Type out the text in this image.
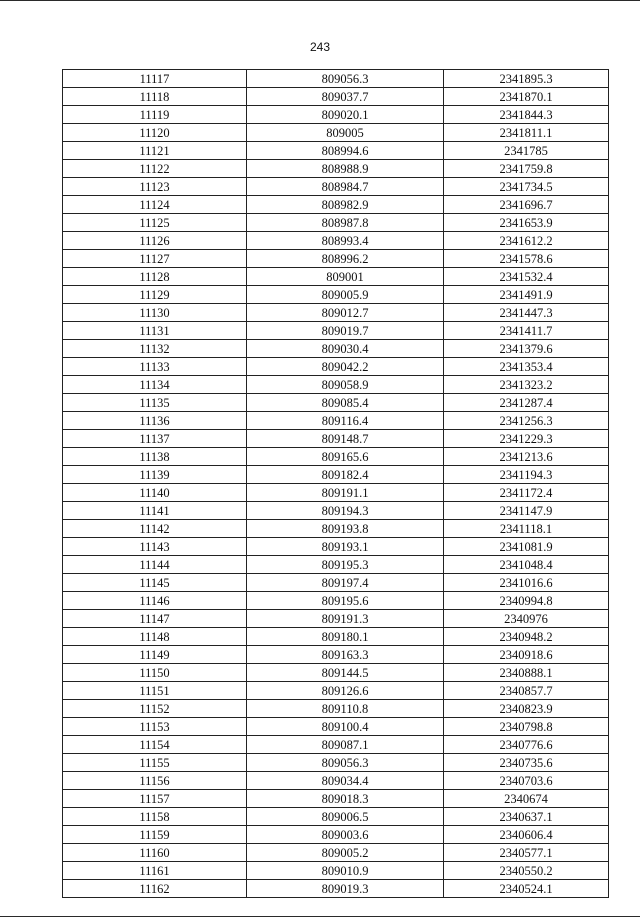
243
11117	809056.3	2341895.3
11118	809037.7	2341870.1
11119	809020.1	2341844.3
11120	809005	2341811.1
11121	808994.6	2341785
11122	808988.9	2341759.8
11123	808984.7	2341734.5
11124	808982.9	2341696.7
11125	808987.8	2341653.9
11126	808993.4	2341612.2
11127	808996.2	2341578.6
11128	809001	2341532.4
11129	809005.9	2341491.9
11130	809012.7	2341447.3
11131	809019.7	2341411.7
11132	809030.4	2341379.6
11133	809042.2	2341353.4
11134	809058.9	2341323.2
11135	809085.4	2341287.4
11136	809116.4	2341256.3
11137	809148.7	2341229.3
11138	809165.6	2341213.6
11139	809182.4	2341194.3
11140	809191.1	2341172.4
11141	809194.3	2341147.9
11142	809193.8	2341118.1
11143	809193.1	2341081.9
11144	809195.3	2341048.4
11145	809197.4	2341016.6
11146	809195.6	2340994.8
11147	809191.3	2340976
11148	809180.1	2340948.2
11149	809163.3	2340918.6
11150	809144.5	2340888.1
11151	809126.6	2340857.7
11152	809110.8	2340823.9
11153	809100.4	2340798.8
11154	809087.1	2340776.6
11155	809056.3	2340735.6
11156	809034.4	2340703.6
11157	809018.3	2340674
11158	809006.5	2340637.1
11159	809003.6	2340606.4
11160	809005.2	2340577.1
11161	809010.9	2340550.2
11162	809019.3	2340524.1
